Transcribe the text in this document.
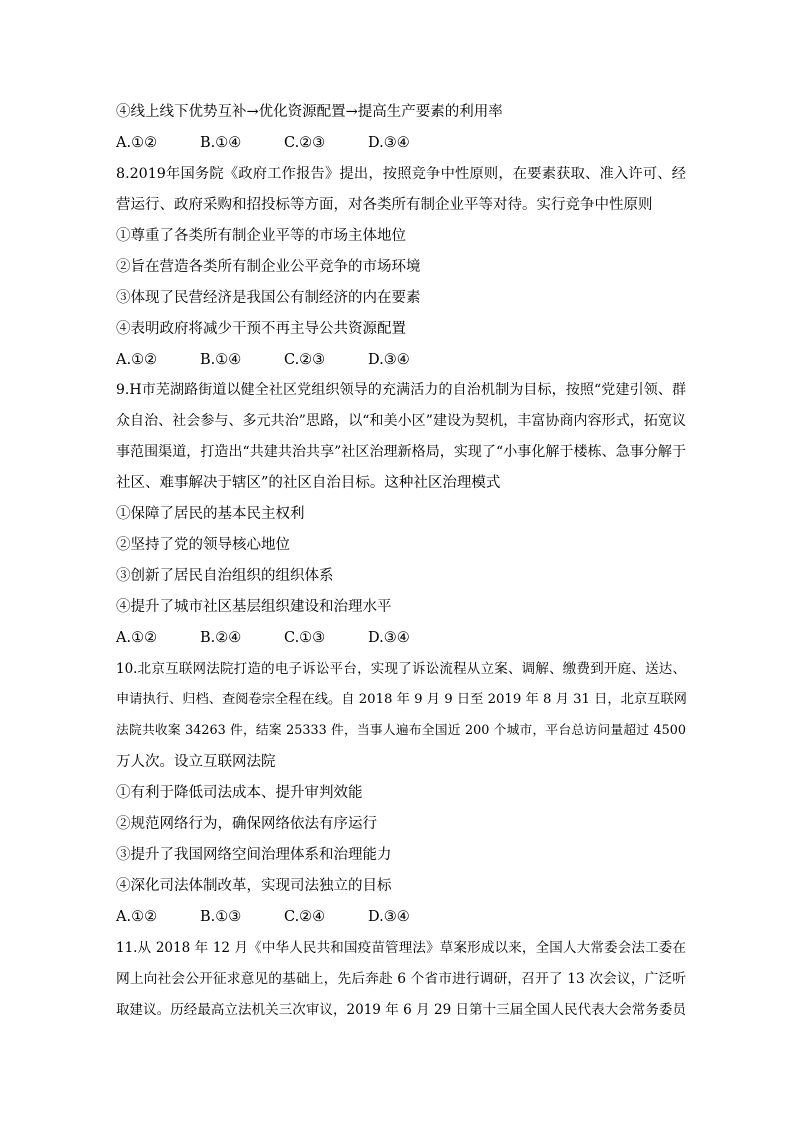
④线上线下优势互补→优化资源配置→提高生产要素的利用率
A.①②	B.①④	C.②③	D.③④
8.2019年国务院《政府工作报告》提出，按照竞争中性原则，在要素获取、准入许可、经
营运行、政府采购和招投标等方面，对各类所有制企业平等对待。实行竞争中性原则
①尊重了各类所有制企业平等的市场主体地位
②旨在营造各类所有制企业公平竞争的市场环境
③体现了民营经济是我国公有制经济的内在要素
④表明政府将减少干预不再主导公共资源配置
A.①②	B.①④	C.②③	D.③④
9.H市芜湖路街道以健全社区党组织领导的充满活力的自治机制为目标，按照“党建引领、群
众自治、社会参与、多元共治”思路，以“和美小区”建设为契机，丰富协商内容形式，拓宽议
事范围渠道，打造出“共建共治共享”社区治理新格局，实现了“小事化解于楼栋、急事分解于
社区、难事解决于辖区”的社区自治目标。这种社区治理模式
①保障了居民的基本民主权利
②坚持了党的领导核心地位
③创新了居民自治组织的组织体系
④提升了城市社区基层组织建设和治理水平
A.①②	B.②④	C.①③	D.③④
10.北京互联网法院打造的电子诉讼平台，实现了诉讼流程从立案、调解、缴费到开庭、送达、
申请执行、归档、查阅卷宗全程在线。自 2018 年 9 月 9 日至 2019 年 8 月 31 日，北京互联网
法院共收案 34263 件，结案 25333 件，当事人遍布全国近 200 个城市，平台总访问量超过 4500
万人次。设立互联网法院
①有利于降低司法成本、提升审判效能
②规范网络行为，确保网络依法有序运行
③提升了我国网络空间治理体系和治理能力
④深化司法体制改革，实现司法独立的目标
A.①②	B.①③	C.②④	D.③④
11.从 2018 年 12 月《中华人民共和国疫苗管理法》草案形成以来，全国人大常委会法工委在
网上向社会公开征求意见的基础上，先后奔赴 6 个省市进行调研，召开了 13 次会议，广泛听
取建议。历经最高立法机关三次审议，2019 年 6 月 29 日第十三届全国人民代表大会常务委员
